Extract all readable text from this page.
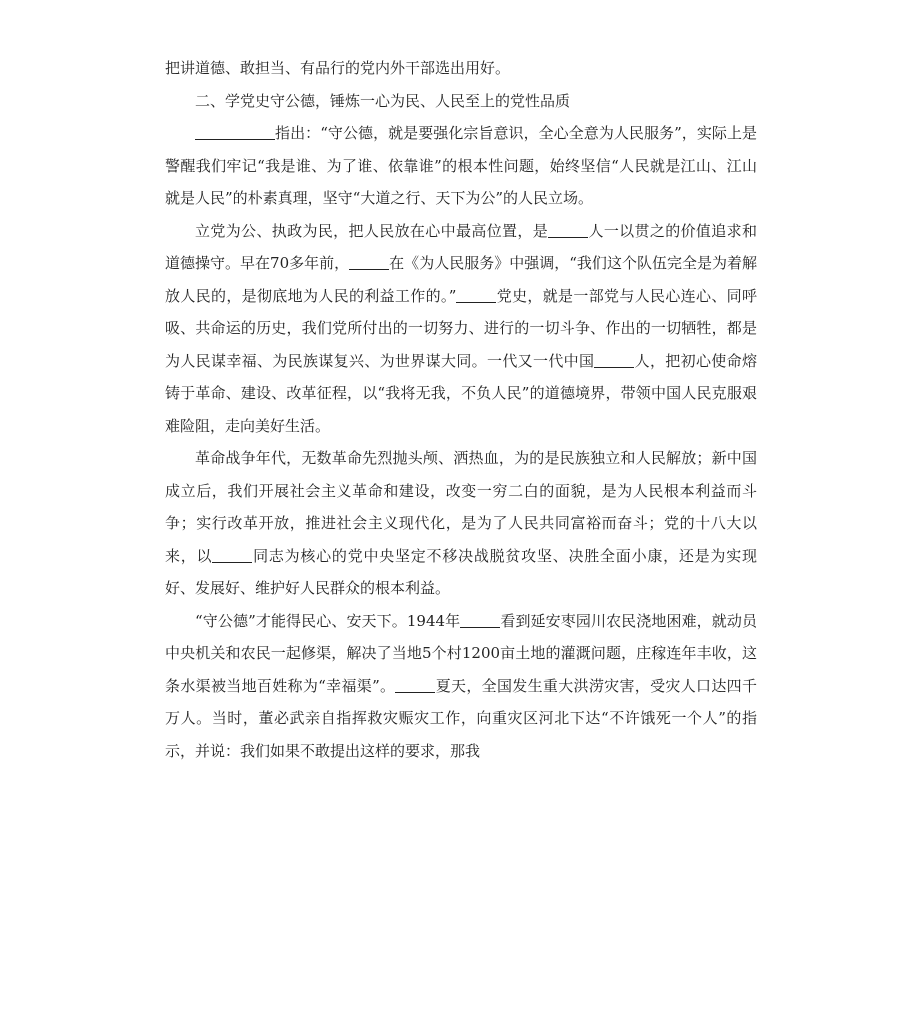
把讲道德、敢担当、有品行的党内外干部选出用好。

二、学党史守公德，锤炼一心为民、人民至上的党性品质

指出：“守公德，就是要强化宗旨意识，全心全意为人民服务”，实际上是警醒我们牢记“我是谁、为了谁、依靠谁”的根本性问题，始终坚信“人民就是江山、江山就是人民”的朴素真理，坚守“大道之行、天下为公”的人民立场。

立党为公、执政为民，把人民放在心中最高位置，是	人一以贯之的价值追求和道德操守。早在70多年前，	在《为人民服务》中强调，“我们这个队伍完全是为着解放人民的，是彻底地为人民的利益工作的。”	党史，就是一部党与人民心连心、同呼吸、共命运的历史，我们党所付出的一切努力、进行的一切斗争、作出的一切牺牲，都是为人民谋幸福、为民族谋复兴、为世界谋大同。一代又一代中国	人，把初心使命熔铸于革命、建设、改革征程，以“我将无我，不负人民”的道德境界，带领中国人民克服艰难险阻，走向美好生活。

革命战争年代，无数革命先烈抛头颅、洒热血，为的是民族独立和人民解放；新中国成立后，我们开展社会主义革命和建设，改变一穷二白的面貌，是为人民根本利益而斗争；实行改革开放，推进社会主义现代化，是为了人民共同富裕而奋斗；党的十八大以来，以	同志为核心的党中央坚定不移决战脱贫攻坚、决胜全面小康，还是为实现好、发展好、维护好人民群众的根本利益。

“守公德”才能得民心、安天下。1944年	看到延安枣园川农民浇地困难，就动员中央机关和农民一起修渠，解决了当地5个村1200亩土地的灌溉问题，庄稼连年丰收，这条水渠被当地百姓称为“幸福渠”。	夏天，全国发生重大洪涝灾害，受灾人口达四千万人。当时，董必武亲自指挥救灾赈灾工作，向重灾区河北下达“不许饿死一个人”的指示，并说：我们如果不敢提出这样的要求，那我
